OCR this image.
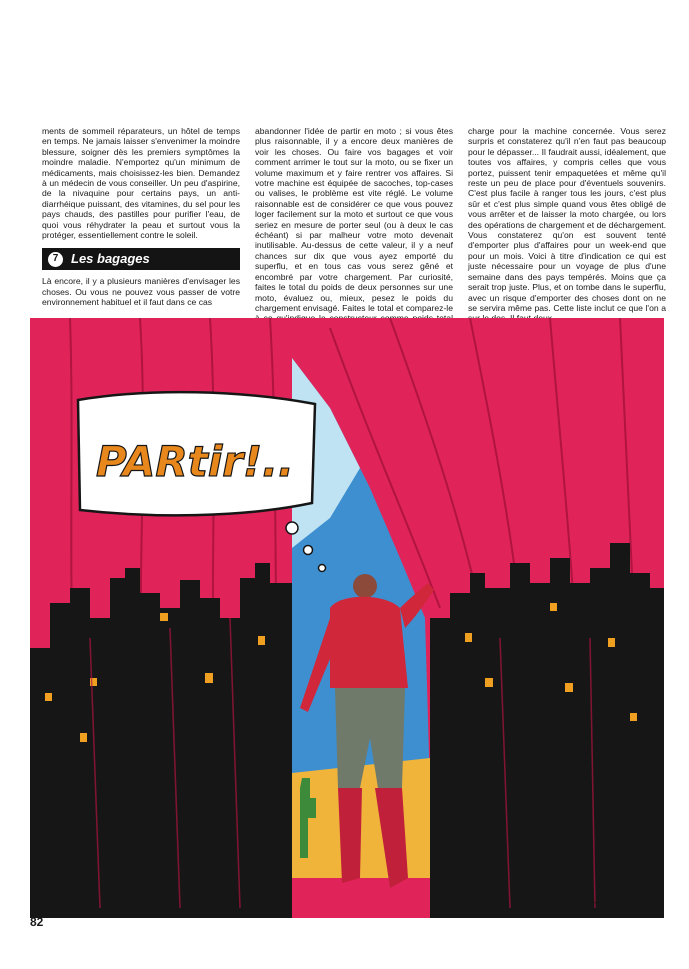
ments de sommeil réparateurs, un hôtel de temps en temps. Ne jamais laisser s'envenimer la moindre blessure, soigner dès les premiers symptômes la moindre maladie. N'emportez qu'un minimum de médicaments, mais choisissez-les bien. Demandez à un médecin de vous conseiller. Un peu d'aspirine, de la nivaquine pour certains pays, un anti-diarrhéique puissant, des vitamines, du sel pour les pays chauds, des pastilles pour purifier l'eau, de quoi vous réhydrater la peau et surtout vous la protéger, essentiellement contre le soleil.

7 Les bagages

Là encore, il y a plusieurs manières d'envisager les choses. Ou vous ne pouvez vous passer de votre environnement habituel et il faut dans ce cas

abandonner l'idée de partir en moto ; si vous êtes plus raisonnable, il y a encore deux manières de voir les choses. Ou faire vos bagages et voir comment arrimer le tout sur la moto, ou se fixer un volume maximum et y faire rentrer vos affaires. Si votre machine est équipée de sacoches, top-cases ou valises, le problème est vite réglé. Le volume raisonnable est de considérer ce que vous pouvez loger facilement sur la moto et surtout ce que vous seriez en mesure de porter seul (ou à deux le cas échéant) si par malheur votre moto devenait inutilisable. Au-dessus de cette valeur, il y a neuf chances sur dix que vous ayez emporté du superflu, et en tous cas vous serez gêné et encombré par votre chargement. Par curiosité, faites le total du poids de deux personnes sur une moto, évaluez ou, mieux, pesez le poids du chargement envisagé. Faites le total et comparez-le

charge pour la machine concernée. Vous serez surpris et constaterez qu'il n'en faut pas beaucoup pour le dépasser... Il faudrait aussi, idéalement, que toutes vos affaires, y compris celles que vous portez, puissent tenir empaquetées et même qu'il reste un peu de place pour d'éventuels souvenirs. C'est plus facile à ranger tous les jours, c'est plus sûr et c'est plus simple quand vous êtes obligé de vous arrêter et de laisser la moto chargée, ou lors des opérations de chargement et de déchargement. Vous constaterez qu'on est souvent tenté d'emporter plus d'affaires pour un week-end que pour un mois. Voici à titre d'indication ce qui est juste nécessaire pour un voyage de plus d'une semaine dans des pays tempérés. Moins que ça serait trop juste. Plus, et on tombe dans le superflu, avec un risque d'emporter des choses dont on ne se servira même pas. Cette liste inclut ce que l'on a

PARtir!..
J.VIVANT
82
